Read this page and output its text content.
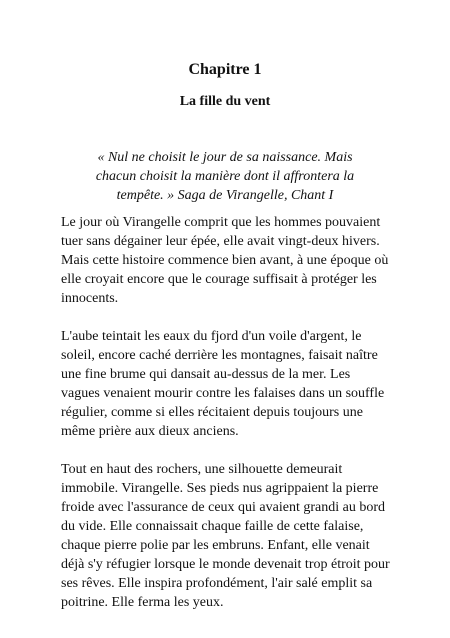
Chapitre 1
La fille du vent
« Nul ne choisit le jour de sa naissance. Mais chacun choisit la manière dont il affrontera la tempête. » Saga de Virangelle, Chant I

Le jour où Virangelle comprit que les hommes pouvaient tuer sans dégainer leur épée, elle avait vingt-deux hivers. Mais cette histoire commence bien avant, à une époque où elle croyait encore que le courage suffisait à protéger les innocents.

L'aube teintait les eaux du fjord d'un voile d'argent, le soleil, encore caché derrière les montagnes, faisait naître une fine brume qui dansait au-dessus de la mer. Les vagues venaient mourir contre les falaises dans un souffle régulier, comme si elles récitaient depuis toujours une même prière aux dieux anciens.

Tout en haut des rochers, une silhouette demeurait immobile. Virangelle. Ses pieds nus agrippaient la pierre froide avec l'assurance de ceux qui avaient grandi au bord du vide. Elle connaissait chaque faille de cette falaise, chaque pierre polie par les embruns. Enfant, elle venait déjà s'y réfugier lorsque le monde devenait trop étroit pour ses rêves. Elle inspira profondément, l'air salé emplit sa poitrine. Elle ferma les yeux.
